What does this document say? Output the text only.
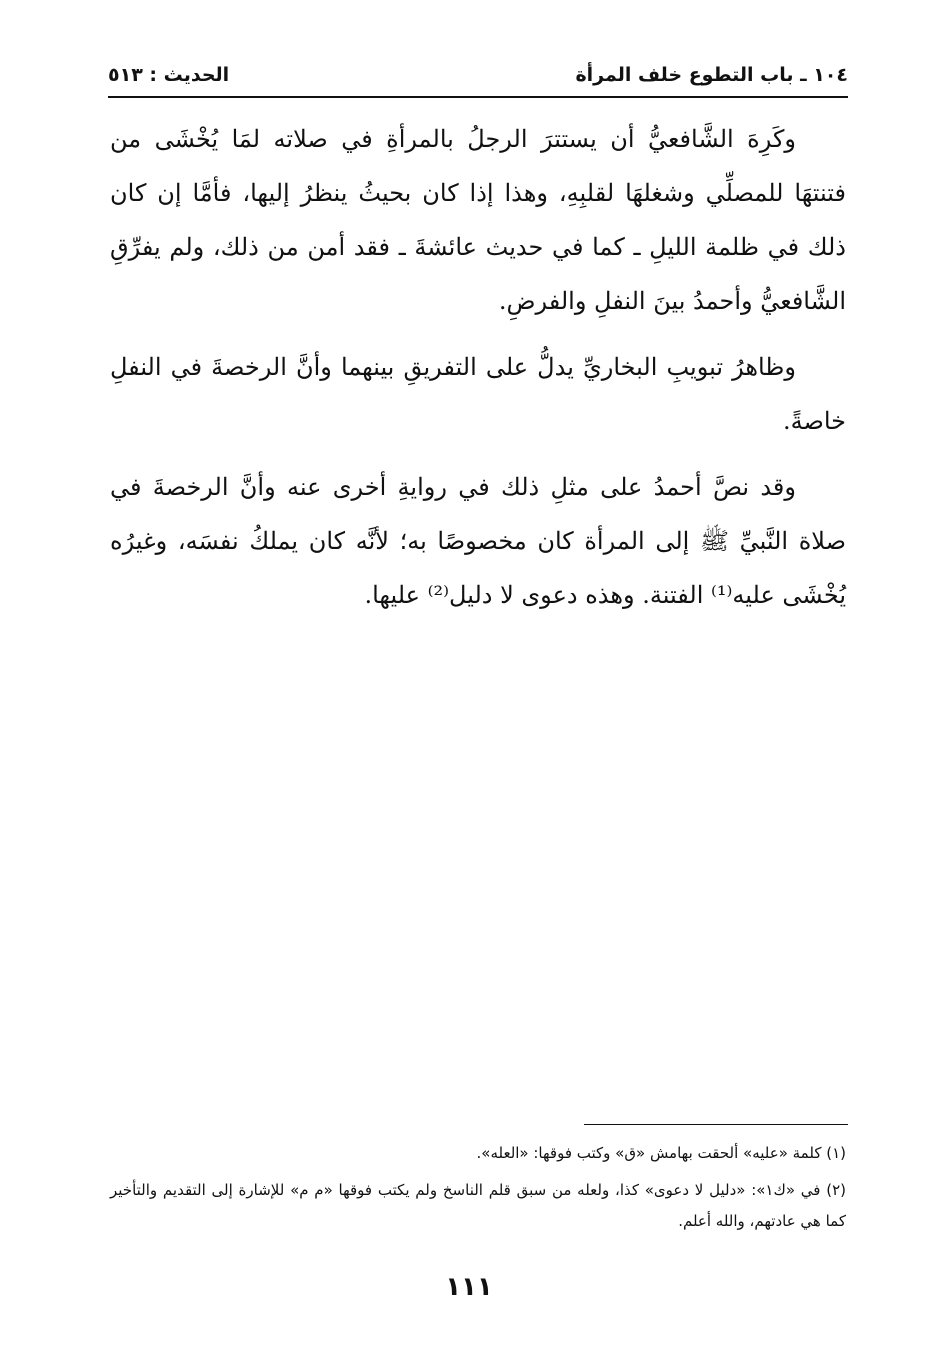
١٠٤ ـ باب التطوع خلف المرأة
الحديث : ٥١٣

وكَرِهَ الشَّافعيُّ أن يستترَ الرجلُ بالمرأةِ في صلاته لمَا يُخْشَى من فتنتهَا للمصلِّي وشغلهَا لقلبِهِ، وهذا إذا كان بحيثُ ينظرُ إليها، فأمَّا إن كان ذلك في ظلمة الليلِ ـ كما في حديث عائشةَ ـ فقد أمن من ذلك، ولم يفرِّقِ الشَّافعيُّ وأحمدُ بينَ النفلِ والفرضِ.

وظاهرُ تبويبِ البخاريِّ يدلُّ على التفريقِ بينهما وأنَّ الرخصةَ في النفلِ خاصةً.

وقد نصَّ أحمدُ على مثلِ ذلك في روايةِ أخرى عنه وأنَّ الرخصةَ في صلاة النَّبيِّ ﷺ إلى المرأة كان مخصوصًا به؛ لأنَّه كان يملكُ نفسَه، وغيرُه يُخْشَى عليه⁽¹⁾ الفتنة. وهذه دعوى لا دليل⁽²⁾ عليها.

(١) كلمة «عليه» ألحقت بهامش «ق» وكتب فوقها: «العله».

(٢) في «ك١»: «دليل لا دعوى» كذا، ولعله من سبق قلم الناسخ ولم يكتب فوقها «م م» للإشارة إلى التقديم والتأخير كما هي عادتهم، والله أعلم.

١١١
